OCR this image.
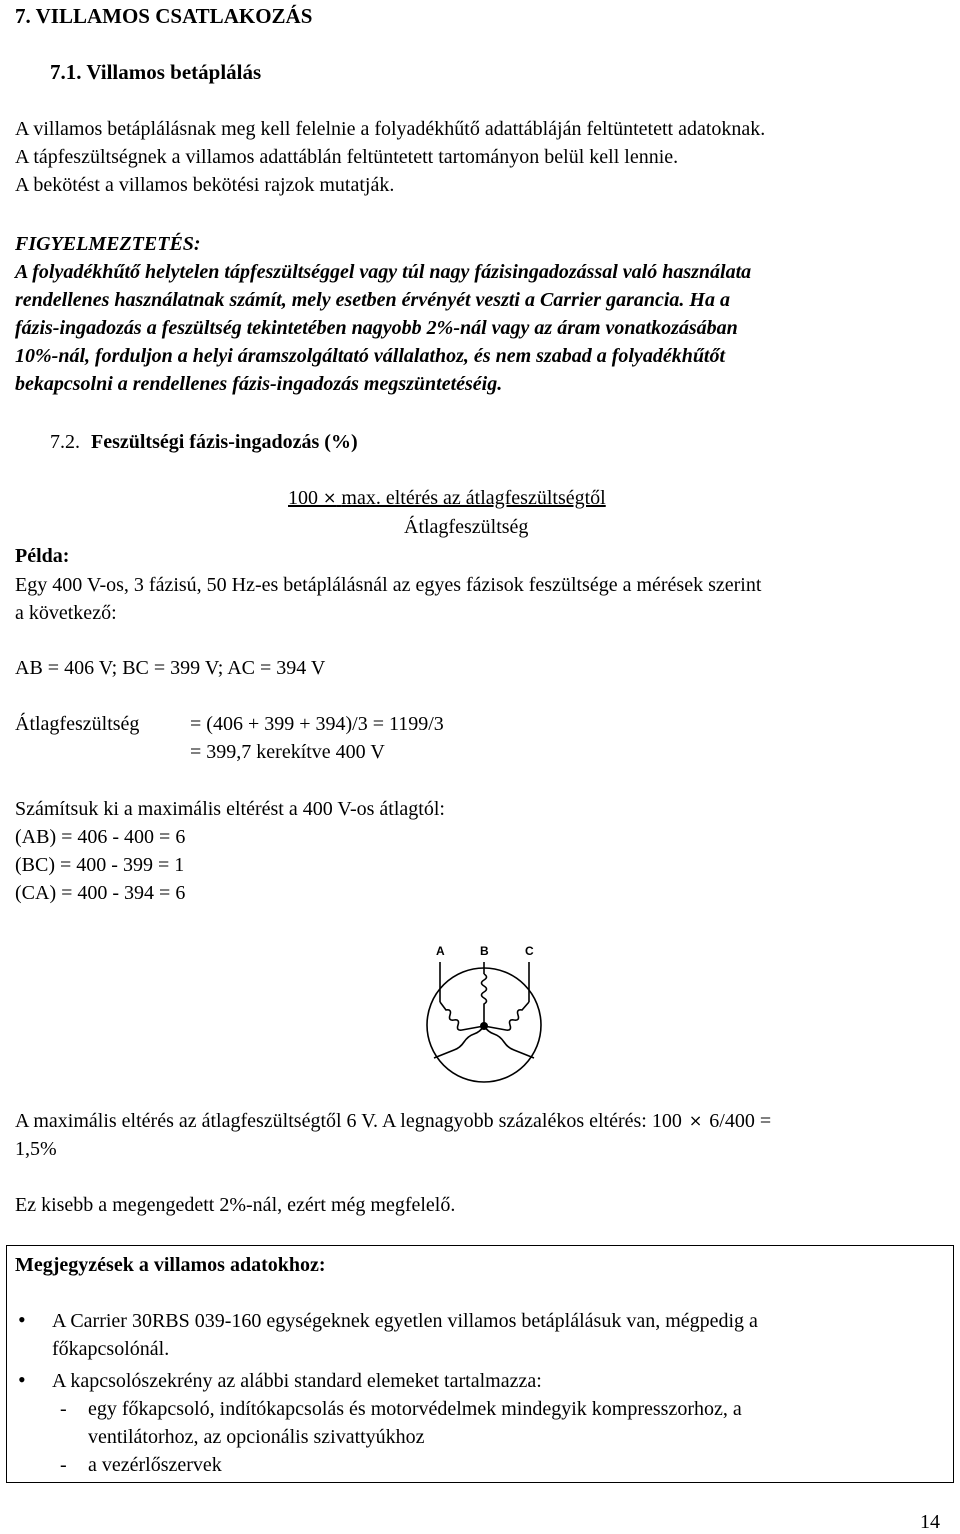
7. VILLAMOS CSATLAKOZÁS
7.1. Villamos betáplálás
A villamos betáplálásnak meg kell felelnie a folyadékhűtő adattábláján feltüntetett adatoknak.
A tápfeszültségnek a villamos adattáblán feltüntetett tartományon belül kell lennie.
A bekötést a villamos bekötési rajzok mutatják.
FIGYELMEZTETÉS:
A folyadékhűtő helytelen tápfeszültséggel vagy túl nagy fázisingadozással való használata
rendellenes használatnak számít, mely esetben érvényét veszti a Carrier garancia. Ha a
fázis-ingadozás a feszültség tekintetében nagyobb 2%-nál vagy az áram vonatkozásában
10%-nál, forduljon a helyi áramszolgáltató vállalathoz, és nem szabad a folyadékhűtőt
bekapcsolni a rendellenes fázis-ingadozás megszüntetéséig.
7.2. Feszültségi fázis-ingadozás (%)
100 × max. eltérés az átlagfeszültségtől
Átlagfeszültség
Példa:
Egy 400 V-os, 3 fázisú, 50 Hz-es betáplálásnál az egyes fázisok feszültsége a mérések szerint
a következő:
AB = 406 V; BC = 399 V; AC = 394 V
Átlagfeszültség	= (406 + 399 + 394)/3 = 1199/3
= 399,7 kerekítve 400 V
Számítsuk ki a maximális eltérést a 400 V-os átlagtól:
(AB) = 406 - 400 = 6
(BC) = 400 - 399 = 1
(CA) = 400 - 394 = 6
A	B	C
A maximális eltérés az átlagfeszültségtől 6 V. A legnagyobb százalékos eltérés: 100 × 6/400 =
1,5%
Ez kisebb a megengedett 2%-nál, ezért még megfelelő.
Megjegyzések a villamos adatokhoz:
• A Carrier 30RBS 039-160 egységeknek egyetlen villamos betáplálásuk van, mégpedig a
főkapcsolónál.
• A kapcsolószekrény az alábbi standard elemeket tartalmazza:
- egy főkapcsoló, indítókapcsolás és motorvédelmek mindegyik kompresszorhoz, a
ventilátorhoz, az opcionális szivattyúkhoz
- a vezérlőszervek
14
